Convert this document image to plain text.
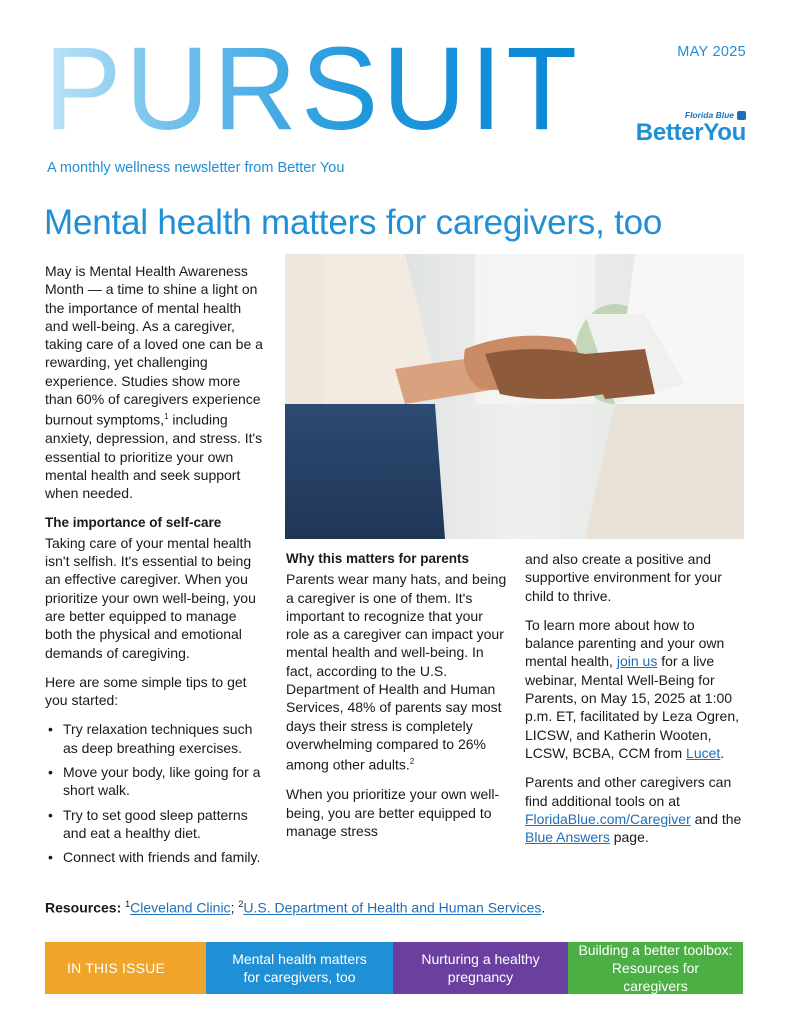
PURSUIT
A monthly wellness newsletter from Better You
MAY 2025
Florida Blue
BetterYou
Mental health matters for caregivers, too

May is Mental Health Awareness Month — a time to shine a light on the importance of mental health and well-being. As a caregiver, taking care of a loved one can be a rewarding, yet challenging experience. Studies show more than 60% of caregivers experience burnout symptoms,$^1$ including anxiety, depression, and stress. It's essential to prioritize your own mental health and seek support when needed.

The importance of self-care

Taking care of your mental health isn't selfish. It's essential to being an effective caregiver. When you prioritize your own well-being, you are better equipped to manage both the physical and emotional demands of caregiving.

Here are some simple tips to get you started:

• Try relaxation techniques such as deep breathing exercises.
• Move your body, like going for a short walk.
• Try to set good sleep patterns and eat a healthy diet.
• Connect with friends and family.
Why this matters for parents

Parents wear many hats, and being a caregiver is one of them. It's important to recognize that your role as a caregiver can impact your mental health and well-being. In fact, according to the U.S. Department of Health and Human Services, 48% of parents say most days their stress is completely overwhelming compared to 26% among other adults.$^2$

When you prioritize your own well-being, you are better equipped to manage stress

and also create a positive and supportive environment for your child to thrive.

To learn more about how to balance parenting and your own mental health, join us for a live webinar, Mental Well-Being for Parents, on May 15, 2025 at 1:00 p.m. ET, facilitated by Leza Ogren, LICSW, and Katherin Wooten, LCSW, BCBA, CCM from Lucet.

Parents and other caregivers can find additional tools on at FloridaBlue.com/Caregiver and the Blue Answers page.

Resources: $^1$Cleveland Clinic; $^2$U.S. Department of Health and Human Services.
IN THIS ISSUE
Mental health matters
for caregivers, too
Nurturing a healthy
pregnancy
Building a better toolbox:
Resources for caregivers
